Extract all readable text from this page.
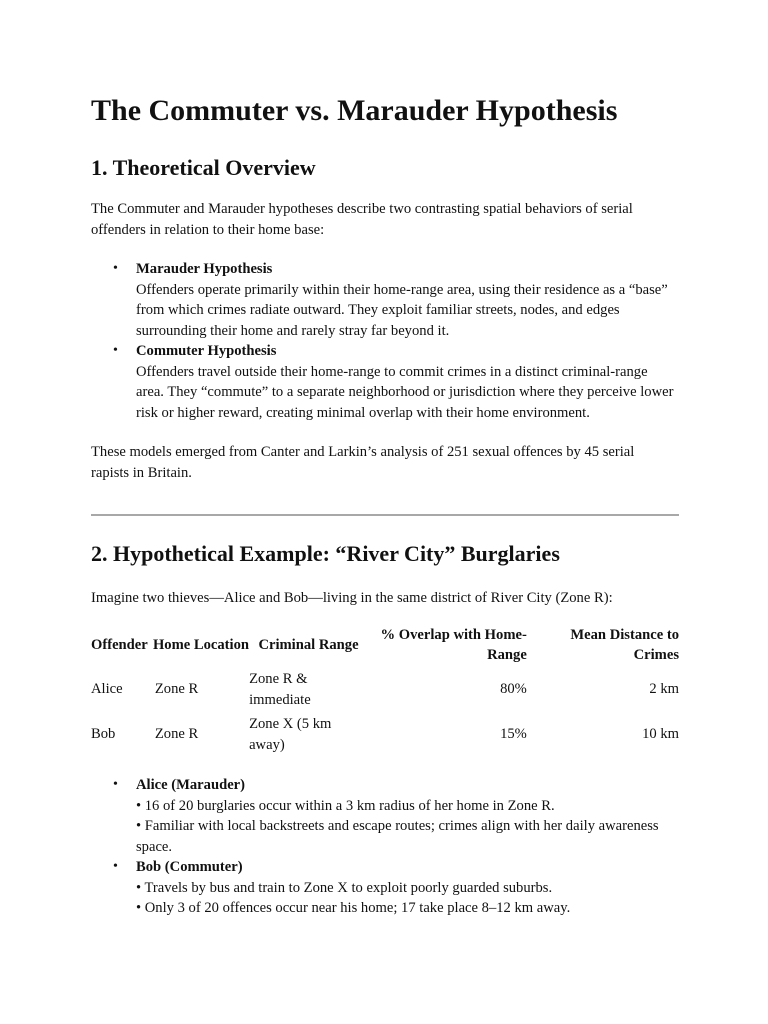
The Commuter vs. Marauder Hypothesis
1. Theoretical Overview

The Commuter and Marauder hypotheses describe two contrasting spatial behaviors of serial offenders in relation to their home base:

• Marauder Hypothesis
Offenders operate primarily within their home-range area, using their residence as a “base” from which crimes radiate outward. They exploit familiar streets, nodes, and edges surrounding their home and rarely stray far beyond it.
• Commuter Hypothesis
Offenders travel outside their home-range to commit crimes in a distinct criminal-range area. They “commute” to a separate neighborhood or jurisdiction where they perceive lower risk or higher reward, creating minimal overlap with their home environment.

These models emerged from Canter and Larkin’s analysis of 251 sexual offences by 45 serial rapists in Britain.

2. Hypothetical Example: “River City” Burglaries

Imagine two thieves—Alice and Bob—living in the same district of River City (Zone R):

Offender	Home Location	Criminal Range	% Overlap with Home-Range	Mean Distance to Crimes
Alice	Zone R	Zone R & immediate	80%	2 km
Bob	Zone R	Zone X (5 km away)	15%	10 km
• Alice (Marauder)
• 16 of 20 burglaries occur within a 3 km radius of her home in Zone R.
• Familiar with local backstreets and escape routes; crimes align with her daily awareness space.
• Bob (Commuter)
• Travels by bus and train to Zone X to exploit poorly guarded suburbs.
• Only 3 of 20 offences occur near his home; 17 take place 8–12 km away.
